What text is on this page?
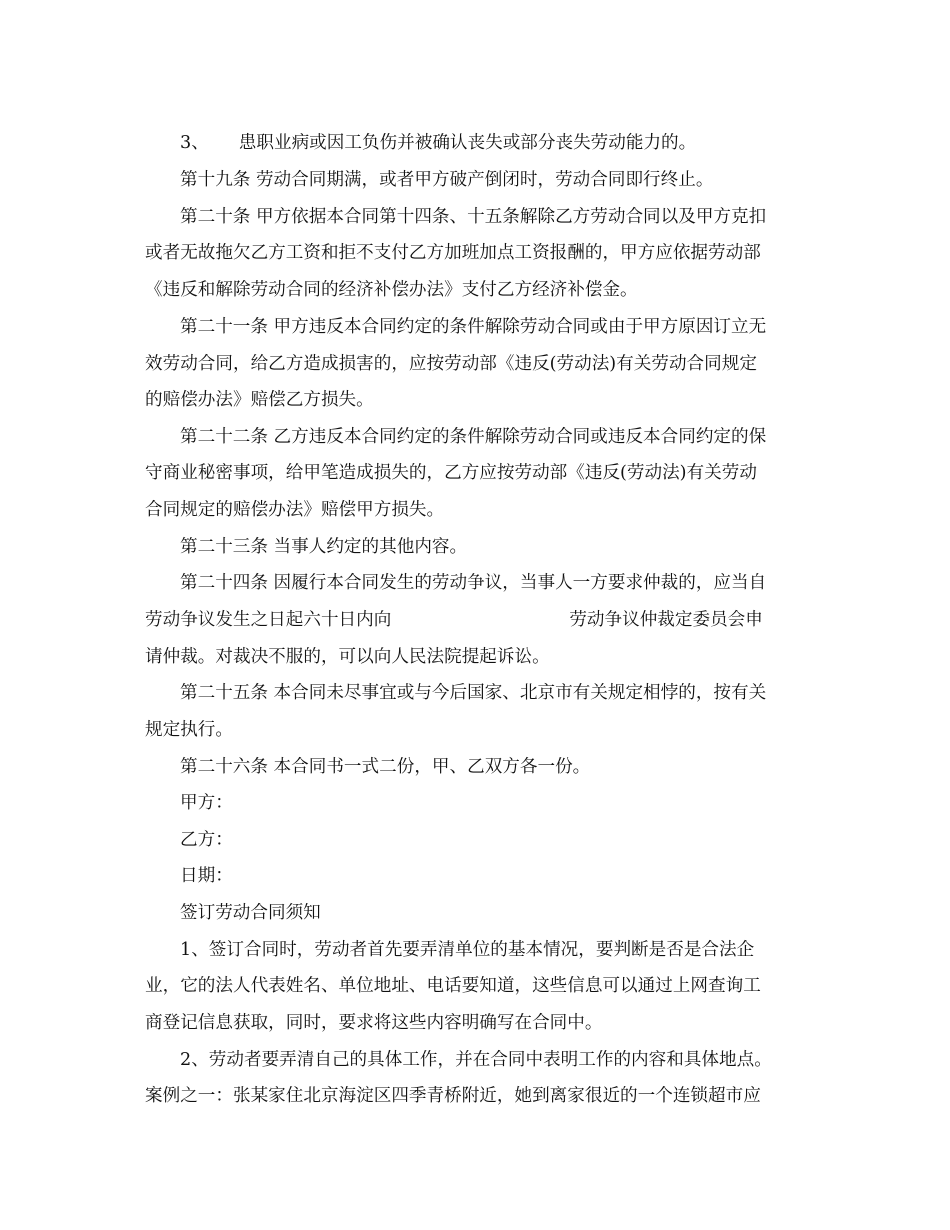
3、 患职业病或因工负伤并被确认丧失或部分丧失劳动能力的。
第十九条 劳动合同期满，或者甲方破产倒闭时，劳动合同即行终止。
第二十条 甲方依据本合同第十四条、十五条解除乙方劳动合同以及甲方克扣
或者无故拖欠乙方工资和拒不支付乙方加班加点工资报酬的，甲方应依据劳动部
《违反和解除劳动合同的经济补偿办法》支付乙方经济补偿金。
第二十一条 甲方违反本合同约定的条件解除劳动合同或由于甲方原因订立无
效劳动合同，给乙方造成损害的，应按劳动部《违反(劳动法)有关劳动合同规定
的赔偿办法》赔偿乙方损失。
第二十二条 乙方违反本合同约定的条件解除劳动合同或违反本合同约定的保
守商业秘密事项，给甲笔造成损失的，乙方应按劳动部《违反(劳动法)有关劳动
合同规定的赔偿办法》赔偿甲方损失。
第二十三条 当事人约定的其他内容。
第二十四条 因履行本合同发生的劳动争议，当事人一方要求仲裁的，应当自
劳动争议发生之日起六十日内向	劳动争议仲裁定委员会申
请仲裁。对裁决不服的，可以向人民法院提起诉讼。
第二十五条 本合同未尽事宜或与今后国家、北京市有关规定相悖的，按有关
规定执行。
第二十六条 本合同书一式二份，甲、乙双方各一份。
甲方：
乙方：
日期：
签订劳动合同须知
1、签订合同时，劳动者首先要弄清单位的基本情况，要判断是否是合法企
业，它的法人代表姓名、单位地址、电话要知道，这些信息可以通过上网查询工
商登记信息获取，同时，要求将这些内容明确写在合同中。
2、劳动者要弄清自己的具体工作，并在合同中表明工作的内容和具体地点。
案例之一：张某家住北京海淀区四季青桥附近，她到离家很近的一个连锁超市应
